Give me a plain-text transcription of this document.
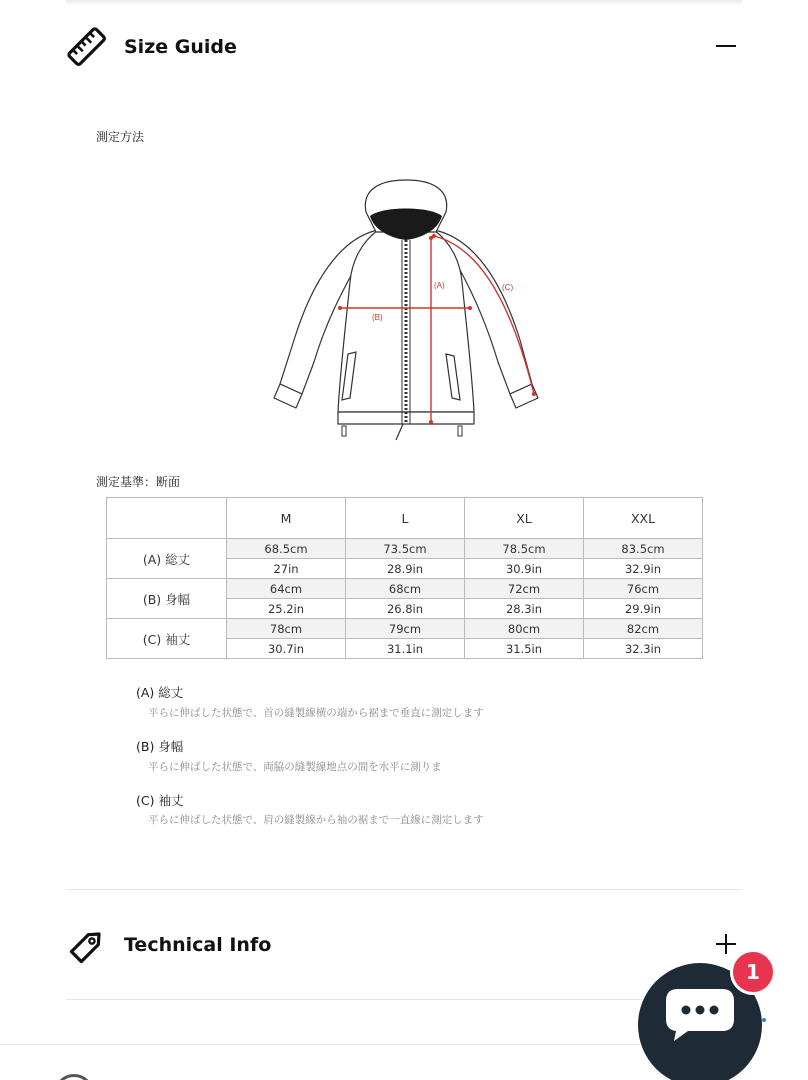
Size Guide
測定方法
(A)
(B)
(C)
測定基準：断面
	M	L	XL	XXL
(A) 総丈	68.5cm	73.5cm	78.5cm	83.5cm
	27in	28.9in	30.9in	32.9in
(B) 身幅	64cm	68cm	72cm	76cm
	25.2in	26.8in	28.3in	29.9in
(C) 袖丈	78cm	79cm	80cm	82cm
	30.7in	31.1in	31.5in	32.3in
(A) 総丈
平らに伸ばした状態で、首の縫製線横の端から裾まで垂直に測定します
(B) 身幅
平らに伸ばした状態で、両脇の縫製線地点の間を水平に測りま
(C) 袖丈
平らに伸ばした状態で、肩の縫製線から袖の裾まで一直線に測定します
Technical Info
1
